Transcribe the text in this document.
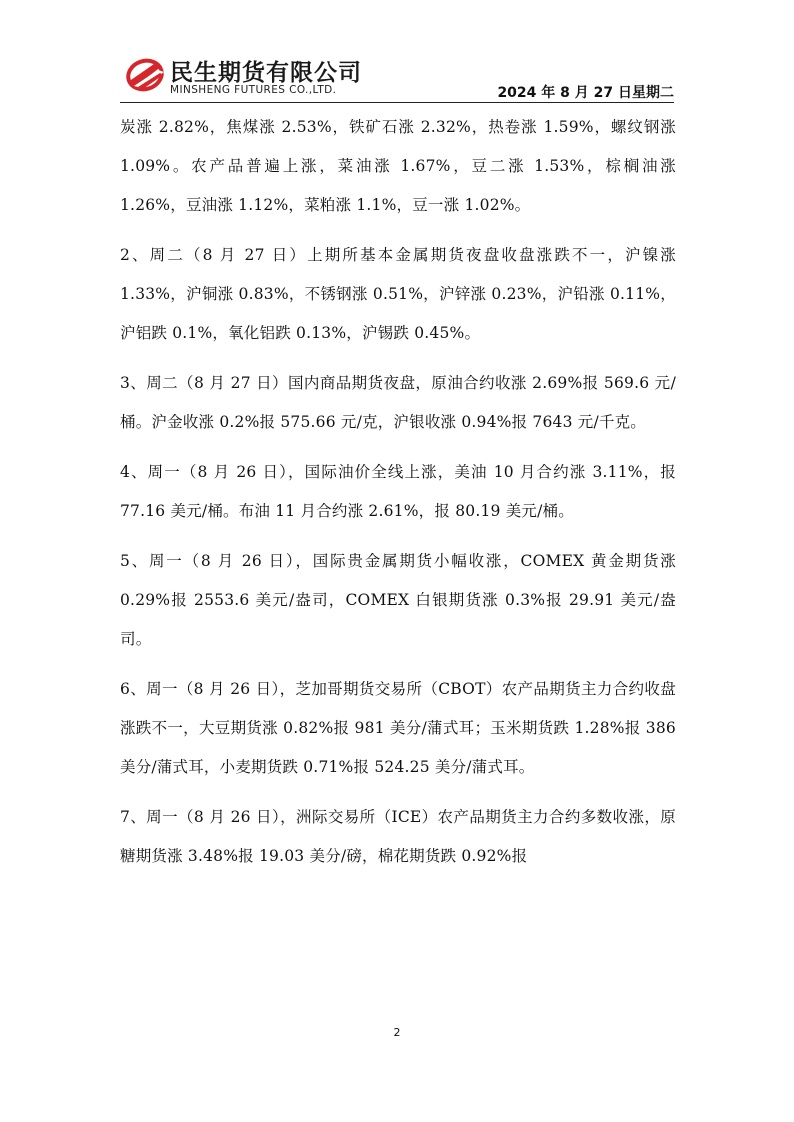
民生期货有限公司
MINSHENG FUTURES CO.,LTD.	2024 年 8 月 27 日星期二

炭涨 2.82%，焦煤涨 2.53%，铁矿石涨 2.32%，热卷涨 1.59%，螺纹钢涨 1.09%。农产品普遍上涨，菜油涨 1.67%，豆二涨 1.53%，棕榈油涨 1.26%，豆油涨 1.12%，菜粕涨 1.1%，豆一涨 1.02%。

2、周二（8 月 27 日）上期所基本金属期货夜盘收盘涨跌不一，沪镍涨 1.33%，沪铜涨 0.83%，不锈钢涨 0.51%，沪锌涨 0.23%，沪铅涨 0.11%，沪铝跌 0.1%，氧化铝跌 0.13%，沪锡跌 0.45%。

3、周二（8 月 27 日）国内商品期货夜盘，原油合约收涨 2.69%报 569.6 元/桶。沪金收涨 0.2%报 575.66 元/克，沪银收涨 0.94%报 7643 元/千克。

4、周一（8 月 26 日），国际油价全线上涨，美油 10 月合约涨 3.11%，报 77.16 美元/桶。布油 11 月合约涨 2.61%，报 80.19 美元/桶。

5、周一（8 月 26 日），国际贵金属期货小幅收涨，COMEX 黄金期货涨 0.29%报 2553.6 美元/盎司，COMEX 白银期货涨 0.3%报 29.91 美元/盎司。

6、周一（8 月 26 日），芝加哥期货交易所（CBOT）农产品期货主力合约收盘涨跌不一，大豆期货涨 0.82%报 981 美分/蒲式耳；玉米期货跌 1.28%报 386 美分/蒲式耳，小麦期货跌 0.71%报 524.25 美分/蒲式耳。

7、周一（8 月 26 日），洲际交易所（ICE）农产品期货主力合约多数收涨，原糖期货涨 3.48%报 19.03 美分/磅，棉花期货跌 0.92%报

2
